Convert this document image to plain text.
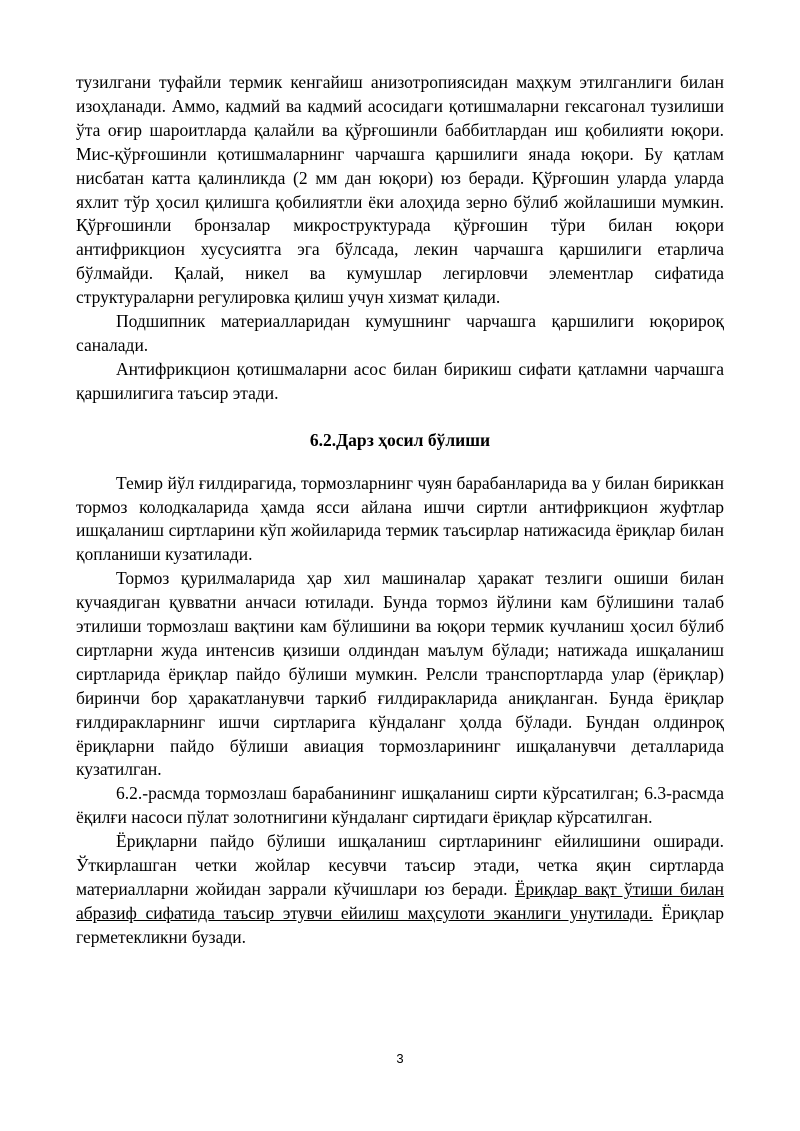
тузилгани туфайли термик кенгайиш анизотропиясидан маҳкум этилганлиги билан изоҳланади. Аммо, кадмий ва кадмий асосидаги қотишмаларни гексагонал тузилиши ўта оғир шароитларда қалайли ва қўрғошинли баббитлардан иш қобилияти юқори. Мис-қўрғошинли қотишмаларнинг чарчашга қаршилиги янада юқори. Бу қатлам нисбатан катта қалинликда (2 мм дан юқори) юз беради. Қўрғошин уларда уларда яхлит тўр ҳосил қилишга қобилиятли ёки алоҳида зерно бўлиб жойлашиши мумкин. Қўрғошинли бронзалар микроструктурада қўрғошин тўри билан юқори антифрикцион хусусиятга эга бўлсада, лекин чарчашга қаршилиги етарлича бўлмайди. Қалай, никел ва кумушлар легирловчи элементлар сифатида структураларни регулировка қилиш учун хизмат қилади.

Подшипник материалларидан кумушнинг чарчашга қаршилиги юқорироқ саналади.

Антифрикцион қотишмаларни асос билан бирикиш сифати қатламни чарчашга қаршилигига таъсир этади.

6.2.Дарз ҳосил бўлиши

Темир йўл ғилдирагида, тормозларнинг чуян барабанларида ва у билан бириккан тормоз колодкаларида ҳамда ясси айлана ишчи сиртли антифрикцион жуфтлар ишқаланиш сиртларини кўп жойиларида термик таъсирлар натижасида ёриқлар билан қопланиши кузатилади.

Тормоз қурилмаларида ҳар хил машиналар ҳаракат тезлиги ошиши билан кучаядиган қувватни анчаси ютилади. Бунда тормоз йўлини кам бўлишини талаб этилиши тормозлаш вақтини кам бўлишини ва юқори термик кучланиш ҳосил бўлиб сиртларни жуда интенсив қизиши олдиндан маълум бўлади; натижада ишқаланиш сиртларида ёриқлар пайдо бўлиши мумкин. Релсли транспортларда улар (ёриқлар) биринчи бор ҳаракатланувчи таркиб ғилдиракларида аниқланган. Бунда ёриқлар ғилдиракларнинг ишчи сиртларига кўндаланг ҳолда бўлади. Бундан олдинроқ ёриқларни пайдо бўлиши авиация тормозларининг ишқаланувчи деталларида кузатилган.

6.2.-расмда тормозлаш барабанининг ишқаланиш сирти кўрсатилган; 6.3-расмда ёқилғи насоси пўлат золотнигини кўндаланг сиртидаги ёриқлар кўрсатилган.

Ёриқларни пайдо бўлиши ишқаланиш сиртларининг ейилишини оширади. Ўткирлашган четки жойлар кесувчи таъсир этади, четка яқин сиртларда материалларни жойидан заррали кўчишлари юз беради. Ёриқлар вақт ўтиши билан абразиф сифатида таъсир этувчи ейилиш маҳсулоти эканлиги унутилади. Ёриқлар герметекликни бузади.

3
